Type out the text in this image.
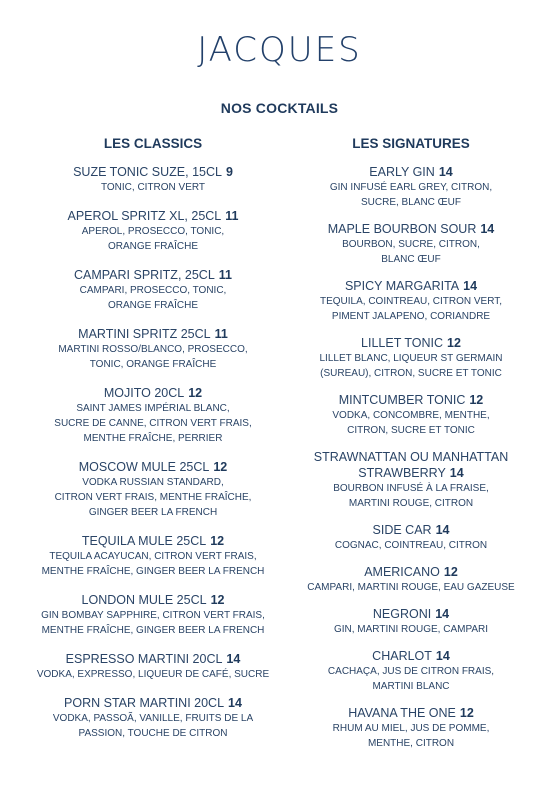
JACQUES
NOS COCKTAILS
LES CLASSICS
SUZE TONIC SUZE, 15CL 9
TONIC, CITRON VERT
APEROL SPRITZ XL, 25CL 11
APEROL, PROSECCO, TONIC,
ORANGE FRAÎCHE
CAMPARI SPRITZ, 25CL 11
CAMPARI, PROSECCO, TONIC,
ORANGE FRAÎCHE
MARTINI SPRITZ 25CL 11
MARTINI ROSSO/BLANCO, PROSECCO,
TONIC, ORANGE FRAÎCHE
MOJITO 20CL 12
SAINT JAMES IMPÉRIAL BLANC,
SUCRE DE CANNE, CITRON VERT FRAIS,
MENTHE FRAÎCHE, PERRIER
MOSCOW MULE 25CL 12
VODKA RUSSIAN STANDARD,
CITRON VERT FRAIS, MENTHE FRAÎCHE,
GINGER BEER LA FRENCH
TEQUILA MULE 25CL 12
TEQUILA ACAYUCAN, CITRON VERT FRAIS,
MENTHE FRAÎCHE, GINGER BEER LA FRENCH
LONDON MULE 25CL 12
GIN BOMBAY SAPPHIRE, CITRON VERT FRAIS,
MENTHE FRAÎCHE, GINGER BEER LA FRENCH
ESPRESSO MARTINI 20CL 14
VODKA, EXPRESSO, LIQUEUR DE CAFÉ, SUCRE
PORN STAR MARTINI 20CL 14
VODKA, PASSOÃ, VANILLE, FRUITS DE LA
PASSION, TOUCHE DE CITRON
LES SIGNATURES
EARLY GIN 14
GIN INFUSÉ EARL GREY, CITRON,
SUCRE, BLANC ŒUF
MAPLE BOURBON SOUR 14
BOURBON, SUCRE, CITRON,
BLANC ŒUF
SPICY MARGARITA 14
TEQUILA, COINTREAU, CITRON VERT,
PIMENT JALAPENO, CORIANDRE
LILLET TONIC 12
LILLET BLANC, LIQUEUR ST GERMAIN
(SUREAU), CITRON, SUCRE ET TONIC
MINTCUMBER TONIC 12
VODKA, CONCOMBRE, MENTHE,
CITRON, SUCRE ET TONIC
STRAWNATTAN OU MANHATTAN STRAWBERRY 14
BOURBON INFUSÉ À LA FRAISE,
MARTINI ROUGE, CITRON
SIDE CAR 14
COGNAC, COINTREAU, CITRON
AMERICANO 12
CAMPARI, MARTINI ROUGE, EAU GAZEUSE
NEGRONI 14
GIN, MARTINI ROUGE, CAMPARI
CHARLOT 14
CACHAÇA, JUS DE CITRON FRAIS,
MARTINI BLANC
HAVANA THE ONE 12
RHUM AU MIEL, JUS DE POMME,
MENTHE, CITRON
